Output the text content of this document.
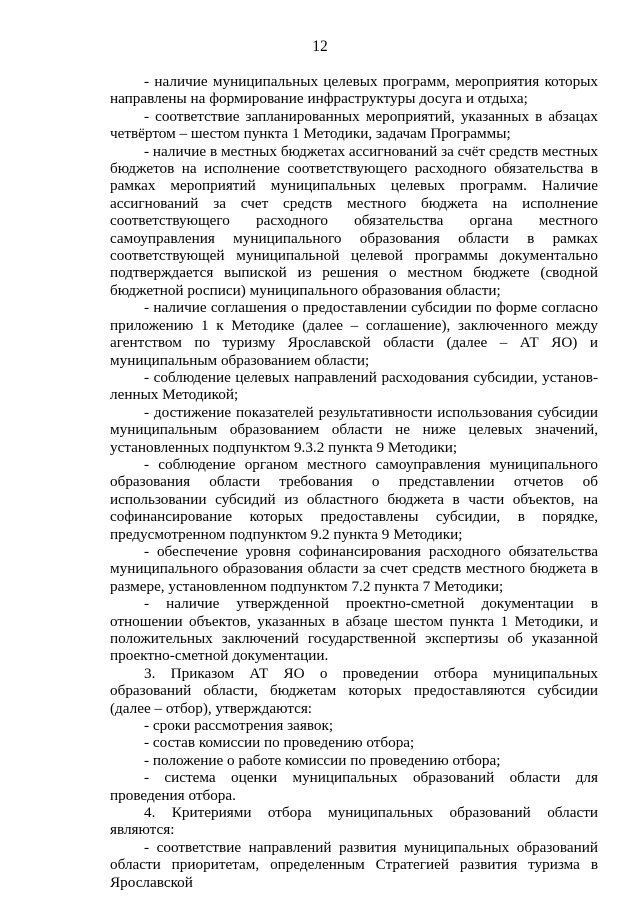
12

- наличие муниципальных целевых программ, мероприятия которых направлены на формирование инфраструктуры досуга и отдыха;

- соответствие запланированных мероприятий, указанных в абзацах четвёртом – шестом пункта 1 Методики, задачам Программы;

- наличие в местных бюджетах ассигнований за счёт средств местных бюджетов на исполнение соответствующего расходного обязательства в рамках мероприятий муниципальных целевых программ. Наличие ассигнований за счет средств местного бюджета на исполнение соответствующего расходного обязательства органа местного самоуправления муниципального образования области в рамках соответствующей муниципальной целевой программы документально подтверждается выпиской из решения о местном бюджете (сводной бюджетной росписи) муниципального образования области;

- наличие соглашения о предоставлении субсидии по форме согласно приложению 1 к Методике (далее – соглашение), заключенного между агентством по туризму Ярославской области (далее – АТ ЯО) и муниципальным образованием области;

- соблюдение целевых направлений расходования субсидии, установленных Методикой;

- достижение показателей результативности использования субсидии муниципальным образованием области не ниже целевых значений, установленных подпунктом 9.3.2 пункта 9 Методики;

- соблюдение органом местного самоуправления муниципального образования области требования о представлении отчетов об использовании субсидий из областного бюджета в части объектов, на софинансирование которых предоставлены субсидии, в порядке, предусмотренном подпунктом 9.2 пункта 9 Методики;

- обеспечение уровня софинансирования расходного обязательства муниципального образования области за счет средств местного бюджета в размере, установленном подпунктом 7.2 пункта 7 Методики;

- наличие утвержденной проектно-сметной документации в отношении объектов, указанных в абзаце шестом пункта 1 Методики, и положительных заключений государственной экспертизы об указанной проектно-сметной документации.

3. Приказом АТ ЯО о проведении отбора муниципальных образований области, бюджетам которых предоставляются субсидии (далее – отбор), утверждаются:

- сроки рассмотрения заявок;

- состав комиссии по проведению отбора;

- положение о работе комиссии по проведению отбора;

- система оценки муниципальных образований области для проведения отбора.

4. Критериями отбора муниципальных образований области являются:

- соответствие направлений развития муниципальных образований области приоритетам, определенным Стратегией развития туризма в Ярославской
